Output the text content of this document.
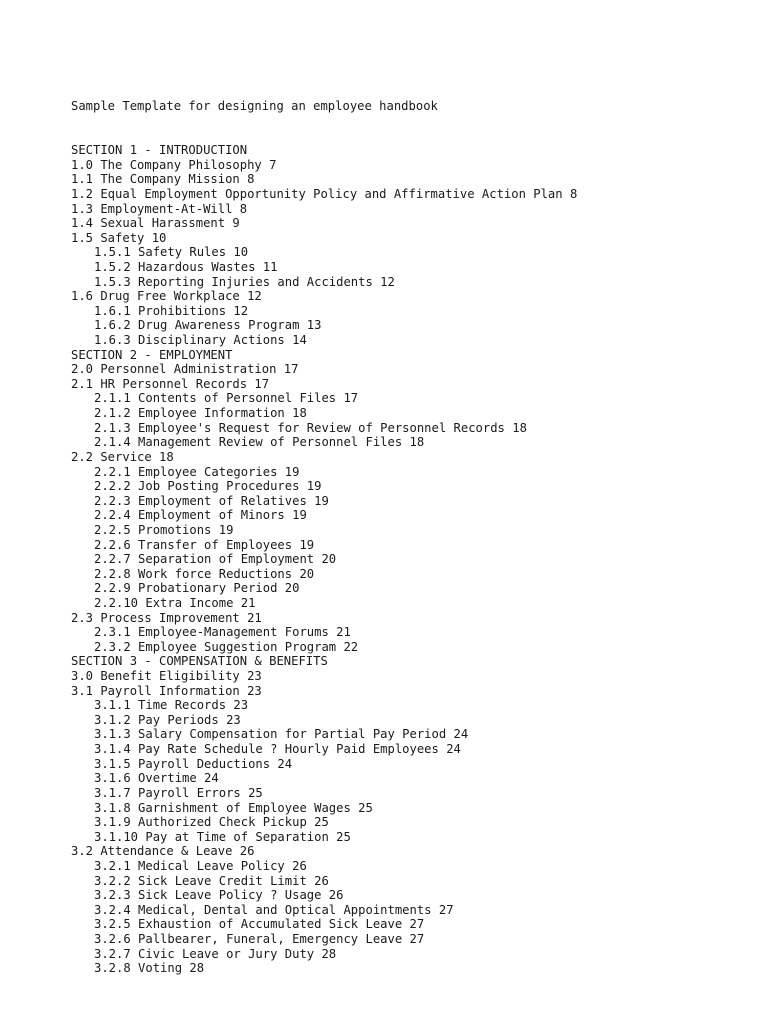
Sample Template for designing an employee handbook

SECTION 1 - INTRODUCTION
1.0 The Company Philosophy 7
1.1 The Company Mission 8
1.2 Equal Employment Opportunity Policy and Affirmative Action Plan 8
1.3 Employment-At-Will 8
1.4 Sexual Harassment 9
1.5 Safety 10
1.5.1 Safety Rules 10
1.5.2 Hazardous Wastes 11
1.5.3 Reporting Injuries and Accidents 12
1.6 Drug Free Workplace 12
1.6.1 Prohibitions 12
1.6.2 Drug Awareness Program 13
1.6.3 Disciplinary Actions 14
SECTION 2 - EMPLOYMENT
2.0 Personnel Administration 17
2.1 HR Personnel Records 17
2.1.1 Contents of Personnel Files 17
2.1.2 Employee Information 18
2.1.3 Employee's Request for Review of Personnel Records 18
2.1.4 Management Review of Personnel Files 18
2.2 Service 18
2.2.1 Employee Categories 19
2.2.2 Job Posting Procedures 19
2.2.3 Employment of Relatives 19
2.2.4 Employment of Minors 19
2.2.5 Promotions 19
2.2.6 Transfer of Employees 19
2.2.7 Separation of Employment 20
2.2.8 Work force Reductions 20
2.2.9 Probationary Period 20
2.2.10 Extra Income 21
2.3 Process Improvement 21
2.3.1 Employee-Management Forums 21
2.3.2 Employee Suggestion Program 22
SECTION 3 - COMPENSATION & BENEFITS
3.0 Benefit Eligibility 23
3.1 Payroll Information 23
3.1.1 Time Records 23
3.1.2 Pay Periods 23
3.1.3 Salary Compensation for Partial Pay Period 24
3.1.4 Pay Rate Schedule ? Hourly Paid Employees 24
3.1.5 Payroll Deductions 24
3.1.6 Overtime 24
3.1.7 Payroll Errors 25
3.1.8 Garnishment of Employee Wages 25
3.1.9 Authorized Check Pickup 25
3.1.10 Pay at Time of Separation 25
3.2 Attendance & Leave 26
3.2.1 Medical Leave Policy 26
3.2.2 Sick Leave Credit Limit 26
3.2.3 Sick Leave Policy ? Usage 26
3.2.4 Medical, Dental and Optical Appointments 27
3.2.5 Exhaustion of Accumulated Sick Leave 27
3.2.6 Pallbearer, Funeral, Emergency Leave 27
3.2.7 Civic Leave or Jury Duty 28
3.2.8 Voting 28
